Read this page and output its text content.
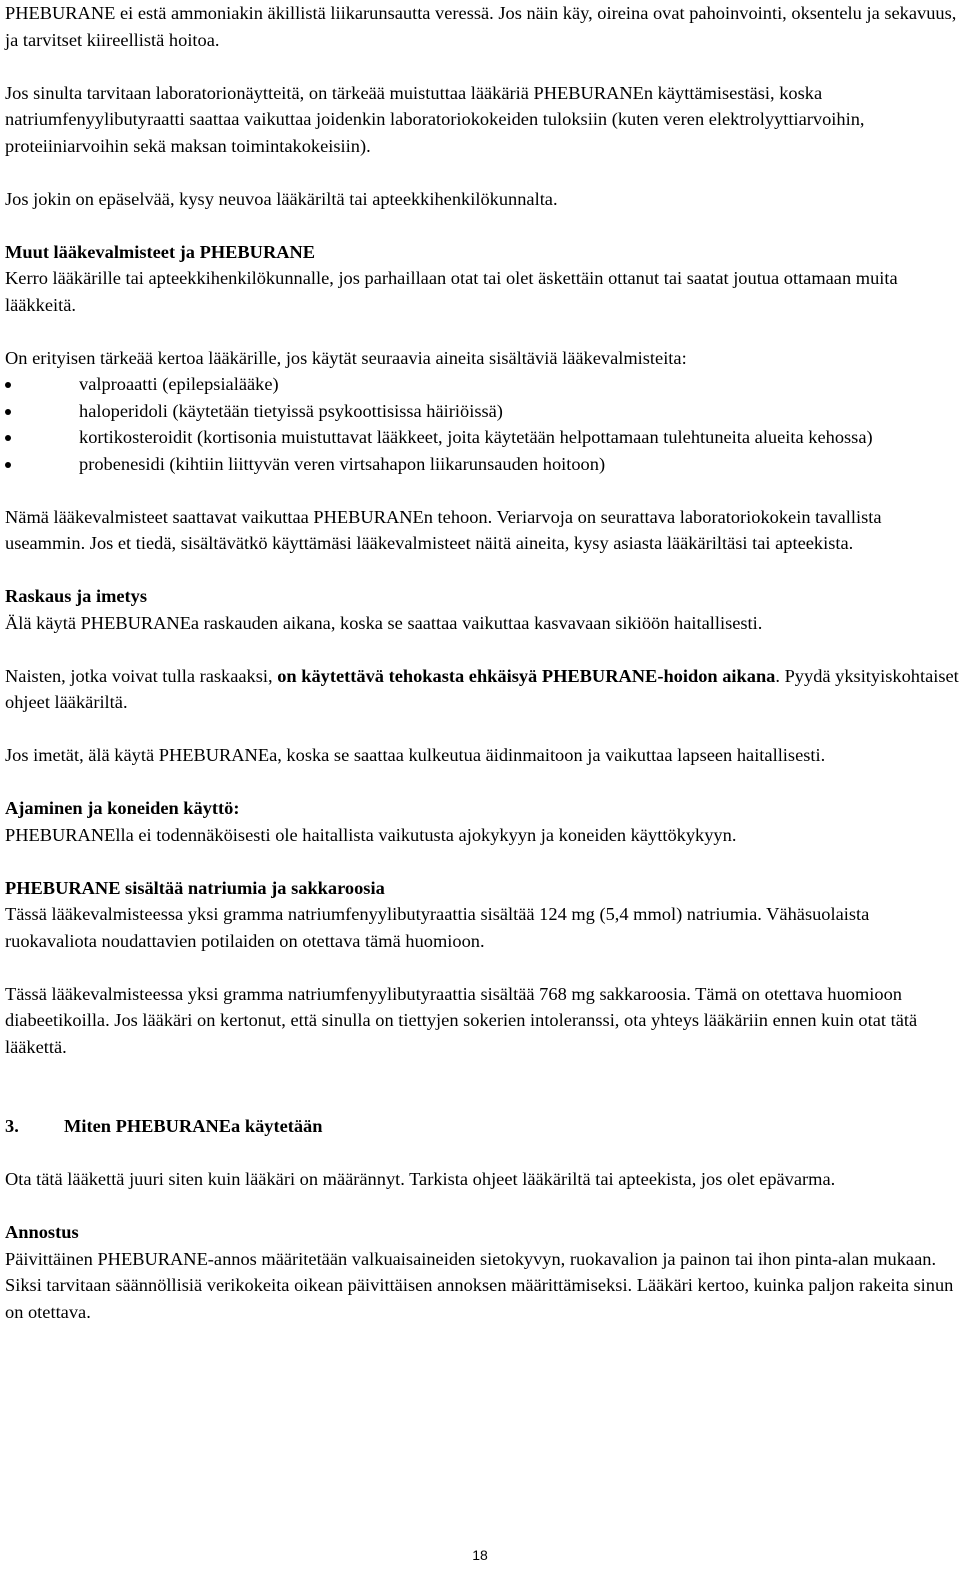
PHEBURANE ei estä ammoniakin äkillistä liikarunsautta veressä. Jos näin käy, oireina ovat pahoinvointi, oksentelu ja sekavuus, ja tarvitset kiireellistä hoitoa.

Jos sinulta tarvitaan laboratorionäytteitä, on tärkeää muistuttaa lääkäriä PHEBURANEn käyttämisestäsi, koska natriumfenyylibutyraatti saattaa vaikuttaa joidenkin laboratoriokokeiden tuloksiin (kuten veren elektrolyyttiarvoihin, proteiiniarvoihin sekä maksan toimintakokeisiin).

Jos jokin on epäselvää, kysy neuvoa lääkäriltä tai apteekkihenkilökunnalta.

Muut lääkevalmisteet ja PHEBURANE

Kerro lääkärille tai apteekkihenkilökunnalle, jos parhaillaan otat tai olet äskettäin ottanut tai saatat joutua ottamaan muita lääkkeitä.

On erityisen tärkeää kertoa lääkärille, jos käytät seuraavia aineita sisältäviä lääkevalmisteita:

valproaatti (epilepsialääke)
haloperidoli (käytetään tietyissä psykoottisissa häiriöissä)
kortikosteroidit (kortisonia muistuttavat lääkkeet, joita käytetään helpottamaan tulehtuneita alueita kehossa)
probenesidi (kihtiin liittyvän veren virtsahapon liikarunsauden hoitoon)

Nämä lääkevalmisteet saattavat vaikuttaa PHEBURANEn tehoon. Veriarvoja on seurattava laboratoriokokein tavallista useammin. Jos et tiedä, sisältävätkö käyttämäsi lääkevalmisteet näitä aineita, kysy asiasta lääkäriltäsi tai apteekista.

Raskaus ja imetys

Älä käytä PHEBURANEa raskauden aikana, koska se saattaa vaikuttaa kasvavaan sikiöön haitallisesti.

Naisten, jotka voivat tulla raskaaksi, on käytettävä tehokasta ehkäisyä PHEBURANE-hoidon aikana. Pyydä yksityiskohtaiset ohjeet lääkäriltä.

Jos imetät, älä käytä PHEBURANEa, koska se saattaa kulkeutua äidinmaitoon ja vaikuttaa lapseen haitallisesti.

Ajaminen ja koneiden käyttö:

PHEBURANElla ei todennäköisesti ole haitallista vaikutusta ajokykyyn ja koneiden käyttökykyyn.

PHEBURANE sisältää natriumia ja sakkaroosia

Tässä lääkevalmisteessa yksi gramma natriumfenyylibutyraattia sisältää 124 mg (5,4 mmol) natriumia. Vähäsuolaista ruokavaliota noudattavien potilaiden on otettava tämä huomioon.

Tässä lääkevalmisteessa yksi gramma natriumfenyylibutyraattia sisältää 768 mg sakkaroosia. Tämä on otettava huomioon diabeetikoilla. Jos lääkäri on kertonut, että sinulla on tiettyjen sokerien intoleranssi, ota yhteys lääkäriin ennen kuin otat tätä lääkettä.

3. Miten PHEBURANEa käytetään

Ota tätä lääkettä juuri siten kuin lääkäri on määrännyt. Tarkista ohjeet lääkäriltä tai apteekista, jos olet epävarma.

Annostus

Päivittäinen PHEBURANE-annos määritetään valkuaisaineiden sietokyvyn, ruokavalion ja painon tai ihon pinta-alan mukaan. Siksi tarvitaan säännöllisiä verikokeita oikean päivittäisen annoksen määrittämiseksi. Lääkäri kertoo, kuinka paljon rakeita sinun on otettava.

18
